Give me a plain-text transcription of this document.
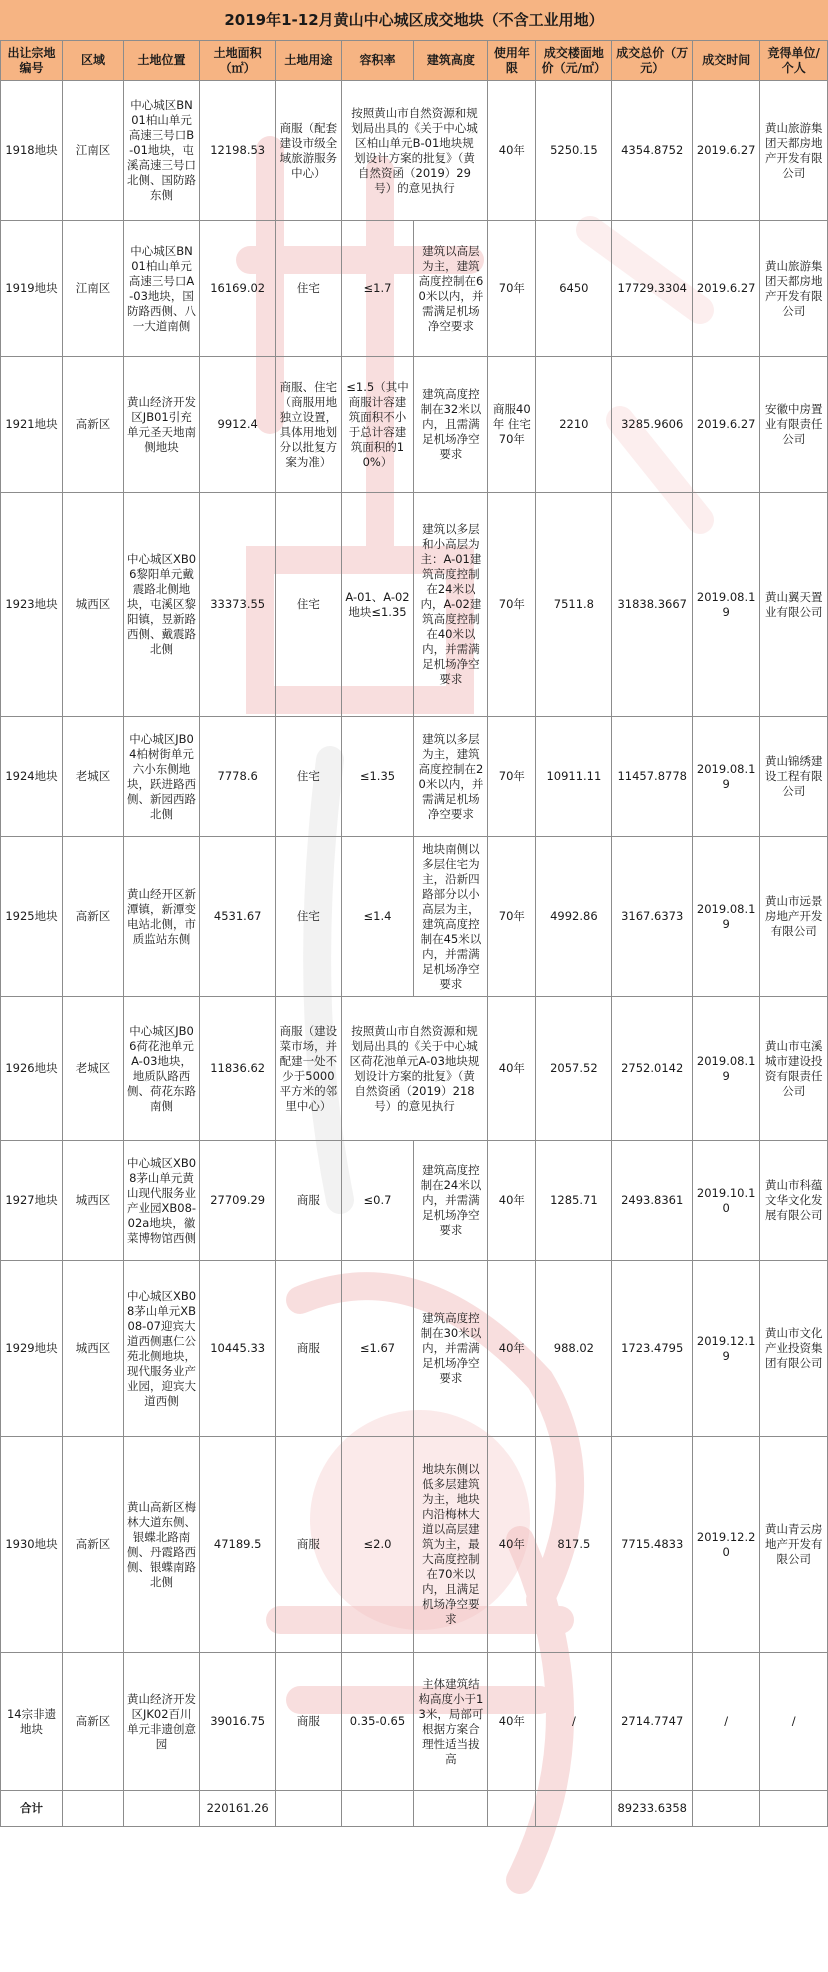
2019年1-12月黄山中心城区成交地块（不含工业用地）
出让宗地编号	区域	土地位置	土地面积（㎡）	土地用途	容积率	建筑高度	使用年限	成交楼面地价（元/㎡）	成交总价（万元）	成交时间	竞得单位/个人
1918地块	江南区	中心城区BN01柏山单元高速三号口B-01地块，屯溪高速三号口北侧、国防路东侧	12198.53	商服（配套建设市级全域旅游服务中心）	按照黄山市自然资源和规划局出具的《关于中心城区柏山单元B-01地块规划设计方案的批复》（黄自然资函（2019）29号）的意见执行		40年	5250.15	4354.8752	2019.6.27	黄山旅游集团天都房地产开发有限公司
1919地块	江南区	中心城区BN01柏山单元高速三号口A-03地块，国防路西侧、八一大道南侧	16169.02	住宅	≤1.7	建筑以高层为主，建筑高度控制在60米以内，并需满足机场净空要求	70年	6450	17729.3304	2019.6.27	黄山旅游集团天都房地产开发有限公司
1921地块	高新区	黄山经济开发区JB01引充单元圣天地南侧地块	9912.4	商服、住宅（商服用地独立设置，具体用地划分以批复方案为准）	≤1.5（其中商服计容建筑面积不小于总计容建筑面积的10%）	建筑高度控制在32米以内，且需满足机场净空要求	商服40年 住宅70年	2210	3285.9606	2019.6.27	安徽中房置业有限责任公司
1923地块	城西区	中心城区XB06黎阳单元戴震路北侧地块，屯溪区黎阳镇，昱新路西侧、戴震路北侧	33373.55	住宅	A-01、A-02地块≤1.35	建筑以多层和小高层为主：A-01建筑高度控制在24米以内，A-02建筑高度控制在40米以内，并需满足机场净空要求	70年	7511.8	31838.3667	2019.08.19	黄山翼天置业有限公司
1924地块	老城区	中心城区JB04柏树街单元六小东侧地块，跃进路西侧、新园西路北侧	7778.6	住宅	≤1.35	建筑以多层为主，建筑高度控制在20米以内，并需满足机场净空要求	70年	10911.11	11457.8778	2019.08.19	黄山锦绣建设工程有限公司
1925地块	高新区	黄山经开区新潭镇，新潭变电站北侧，市质监站东侧	4531.67	住宅	≤1.4	地块南侧以多层住宅为主，沿新四路部分以小高层为主，建筑高度控制在45米以内，并需满足机场净空要求	70年	4992.86	3167.6373	2019.08.19	黄山市远景房地产开发有限公司
1926地块	老城区	中心城区JB06荷花池单元A-03地块，地质队路西侧、荷花东路南侧	11836.62	商服（建设菜市场，并配建一处不少于5000平方米的邻里中心）	按照黄山市自然资源和规划局出具的《关于中心城区荷花池单元A-03地块规划设计方案的批复》（黄自然资函（2019）218号）的意见执行		40年	2057.52	2752.0142	2019.08.19	黄山市屯溪城市建设投资有限责任公司
1927地块	城西区	中心城区XB08茅山单元黄山现代服务业产业园XB08-02a地块，徽菜博物馆西侧	27709.29	商服	≤0.7	建筑高度控制在24米以内，并需满足机场净空要求	40年	1285.71	2493.8361	2019.10.10	黄山市科蕴文华文化发展有限公司
1929地块	城西区	中心城区XB08茅山单元XB08-07迎宾大道西侧惠仁公苑北侧地块，现代服务业产业园，迎宾大道西侧	10445.33	商服	≤1.67	建筑高度控制在30米以内，并需满足机场净空要求	40年	988.02	1723.4795	2019.12.19	黄山市文化产业投资集团有限公司
1930地块	高新区	黄山高新区梅林大道东侧、银蝶北路南侧、丹霞路西侧、银蝶南路北侧	47189.5	商服	≤2.0	地块东侧以低多层建筑为主，地块内沿梅林大道以高层建筑为主，最大高度控制在70米以内，且满足机场净空要求	40年	817.5	7715.4833	2019.12.20	黄山青云房地产开发有限公司
14宗非遗地块	高新区	黄山经济开发区JK02百川单元非遗创意园	39016.75	商服	0.35-0.65	主体建筑结构高度小于13米，局部可根据方案合理性适当拔高	40年	/	2714.7747	/	/
合计			220161.26						89233.6358		
